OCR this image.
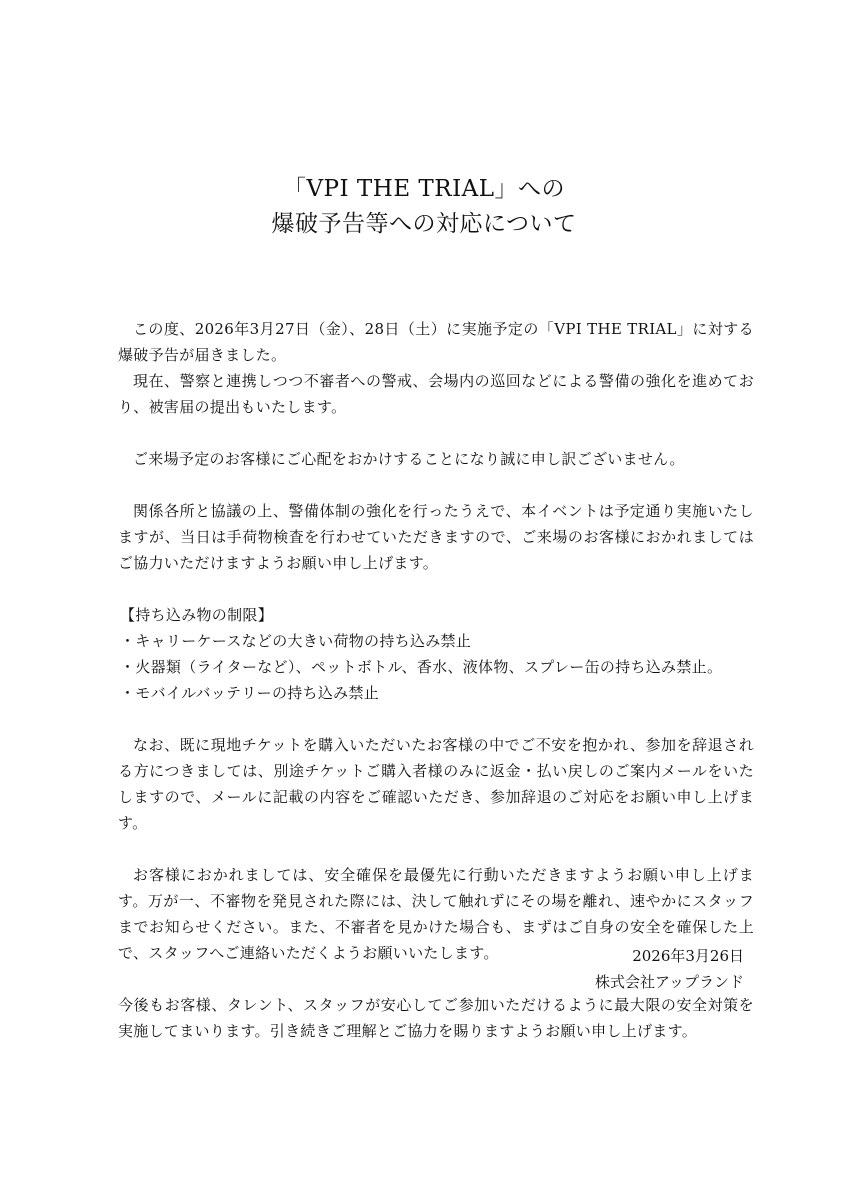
「VPI THE TRIAL」への
爆破予告等への対応について

この度、2026年3月27日（金）、28日（土）に実施予定の「VPI THE TRIAL」に対する爆破予告が届きました。

現在、警察と連携しつつ不審者への警戒、会場内の巡回などによる警備の強化を進めており、被害届の提出もいたします。

ご来場予定のお客様にご心配をおかけすることになり誠に申し訳ございません。

関係各所と協議の上、警備体制の強化を行ったうえで、本イベントは予定通り実施いたしますが、当日は手荷物検査を行わせていただきますので、ご来場のお客様におかれましてはご協力いただけますようお願い申し上げます。

【持ち込み物の制限】

・キャリーケースなどの大きい荷物の持ち込み禁止
・火器類（ライターなど）、ペットボトル、香水、液体物、スプレー缶の持ち込み禁止。
・モバイルバッテリーの持ち込み禁止

なお、既に現地チケットを購入いただいたお客様の中でご不安を抱かれ、参加を辞退される方につきましては、別途チケットご購入者様のみに返金・払い戻しのご案内メールをいたしますので、メールに記載の内容をご確認いただき、参加辞退のご対応をお願い申し上げます。

お客様におかれましては、安全確保を最優先に行動いただきますようお願い申し上げます。万が一、不審物を発見された際には、決して触れずにその場を離れ、速やかにスタッフまでお知らせください。また、不審者を見かけた場合も、まずはご自身の安全を確保した上で、スタッフへご連絡いただくようお願いいたします。

今後もお客様、タレント、スタッフが安心してご参加いただけるように最大限の安全対策を実施してまいります。引き続きご理解とご協力を賜りますようお願い申し上げます。

2026年3月26日
株式会社アップランド
